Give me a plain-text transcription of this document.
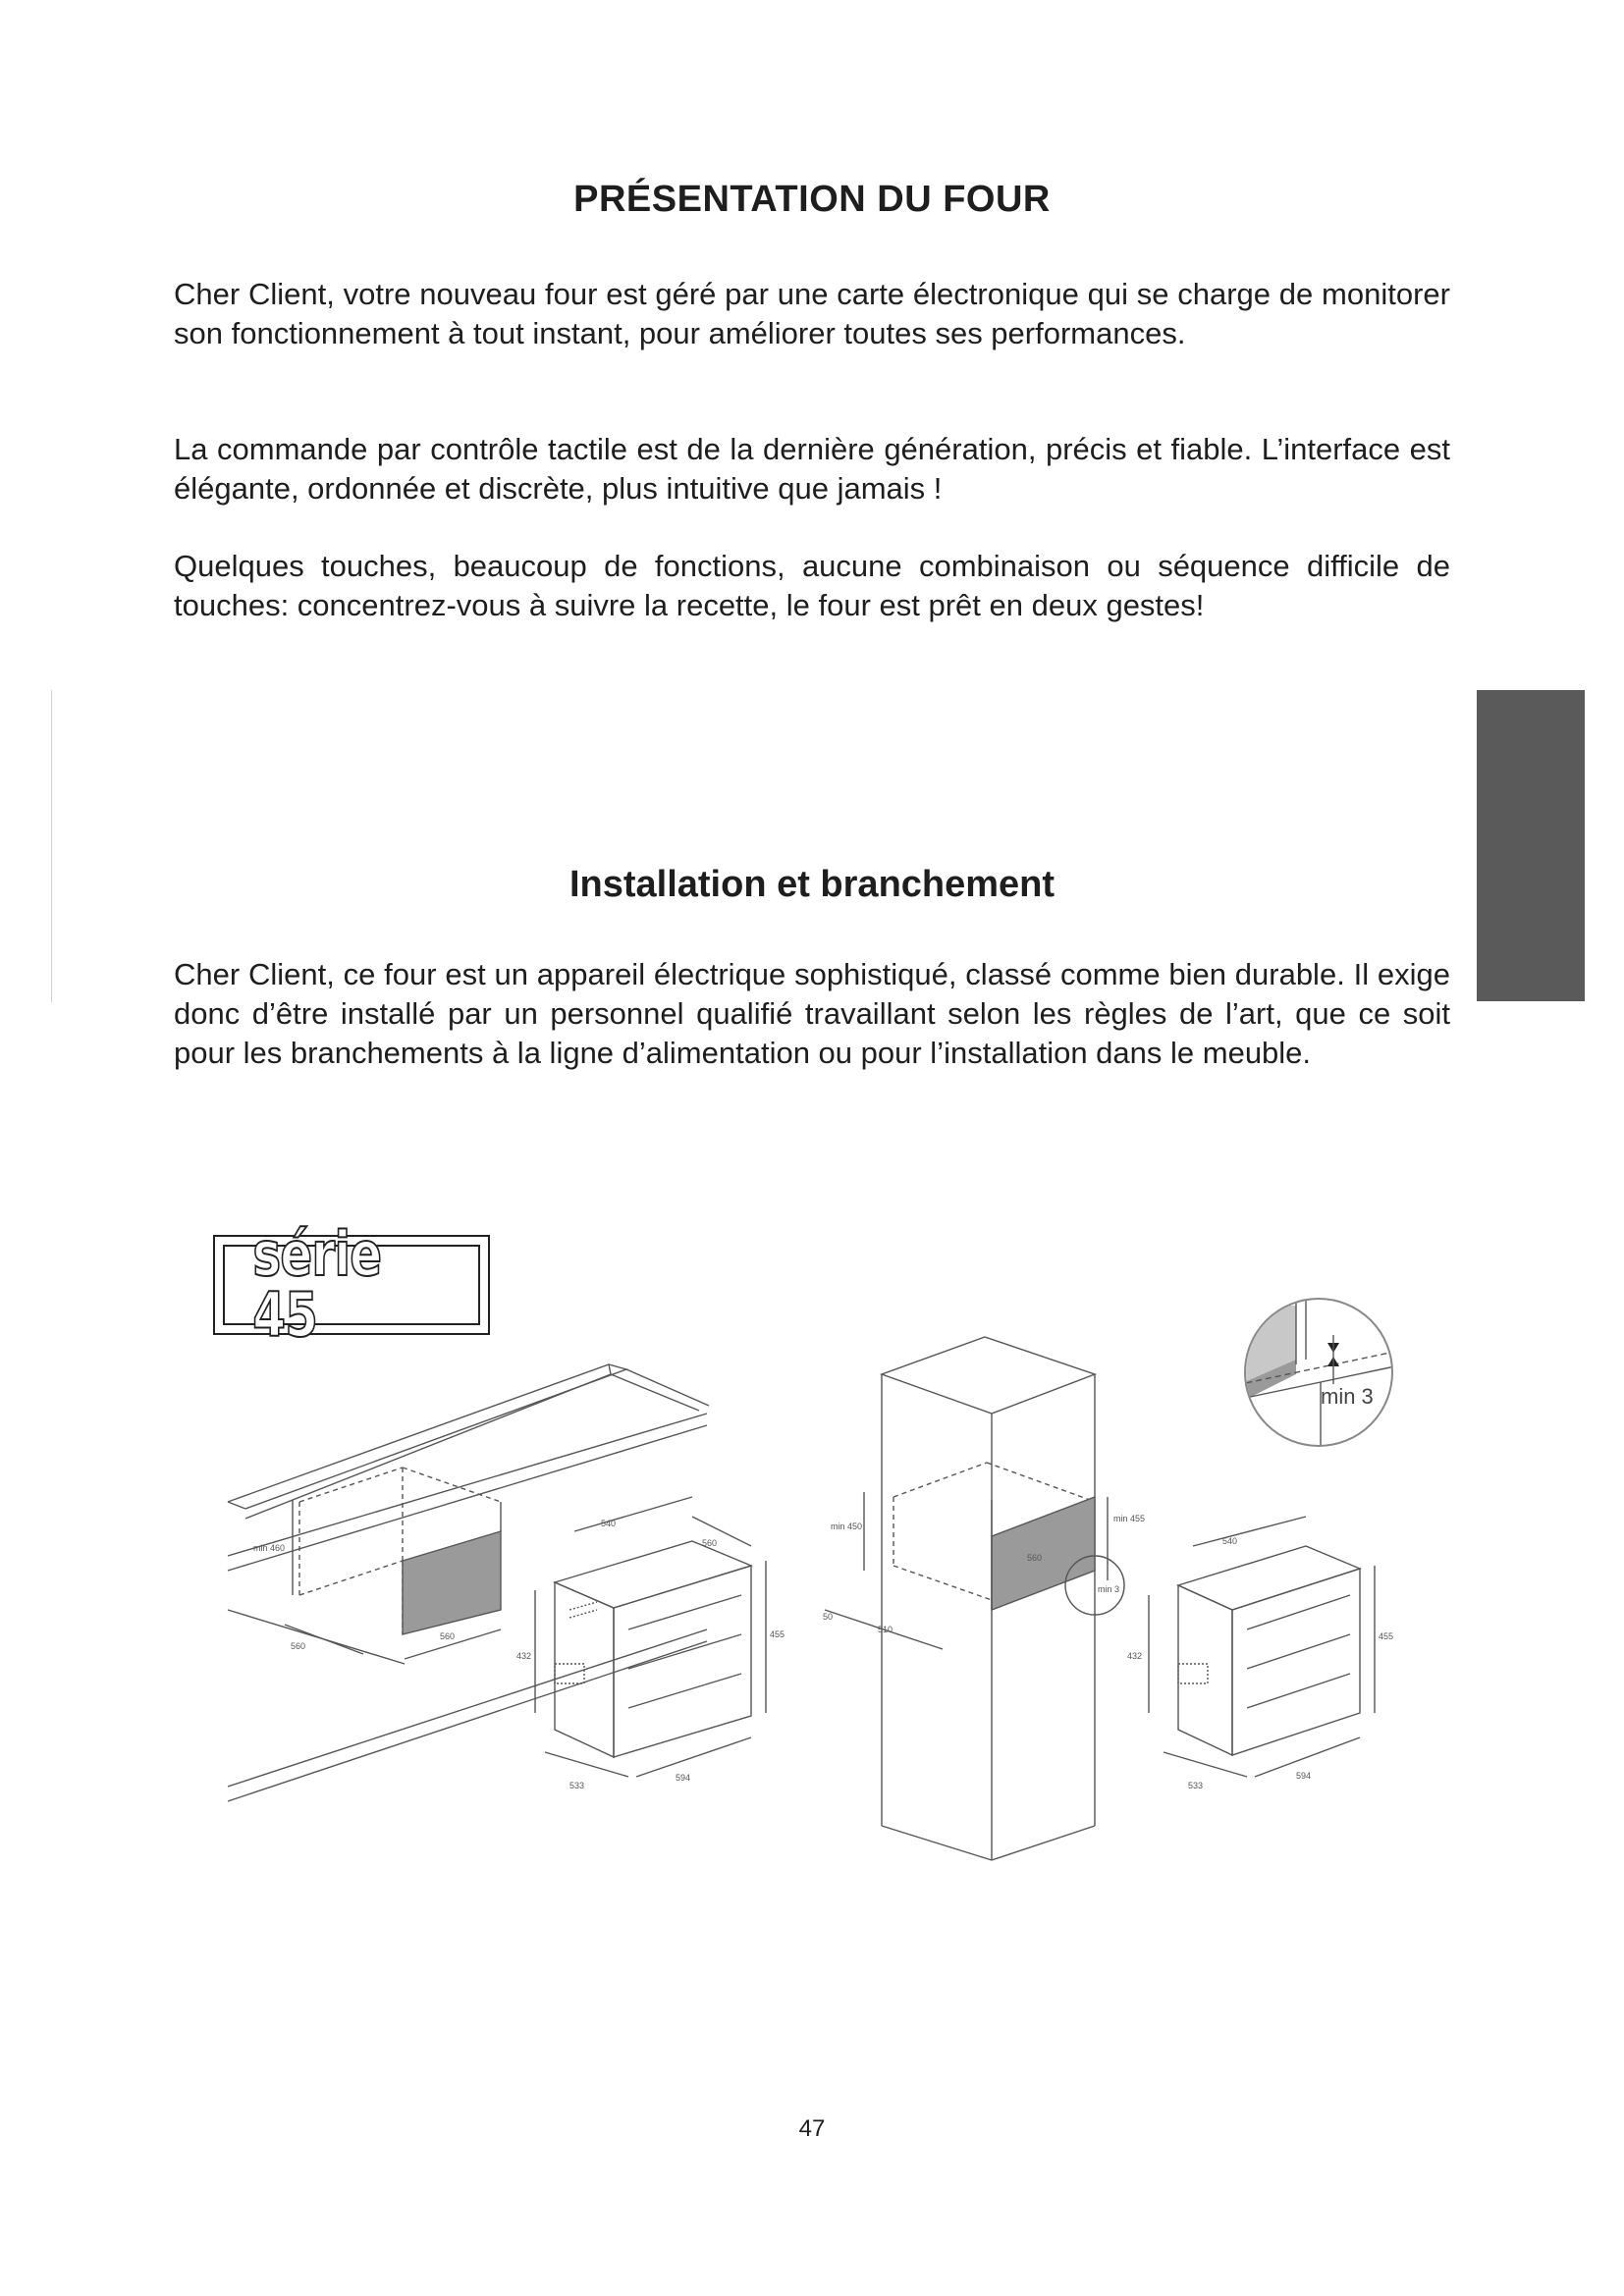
PRÉSENTATION DU FOUR

Cher Client, votre nouveau four est géré par une carte électronique qui se charge de monitorer son fonctionnement à tout instant, pour améliorer toutes ses performances.

La commande par contrôle tactile est de la dernière génération, précis et fiable. L’interface est élégante, ordonnée et discrète, plus intuitive que jamais !

Quelques touches, beaucoup de fonctions, aucune combinaison ou séquence difficile de touches: concentrez-vous à suivre la recette, le four est prêt en deux gestes!

Installation et branchement

Cher Client, ce four est un appareil électrique sophistiqué, classé comme bien durable. Il exige donc d’être installé par un personnel qualifié travaillant selon les règles de l’art, que ce soit pour les branchements à la ligne d’alimentation ou pour l’installation dans le meuble.

série 45
min 460
560
560
540
560
432
455
533
594
min 450
min 455
560
510
50
min 3
540
432
455
533
594
min 3

47
